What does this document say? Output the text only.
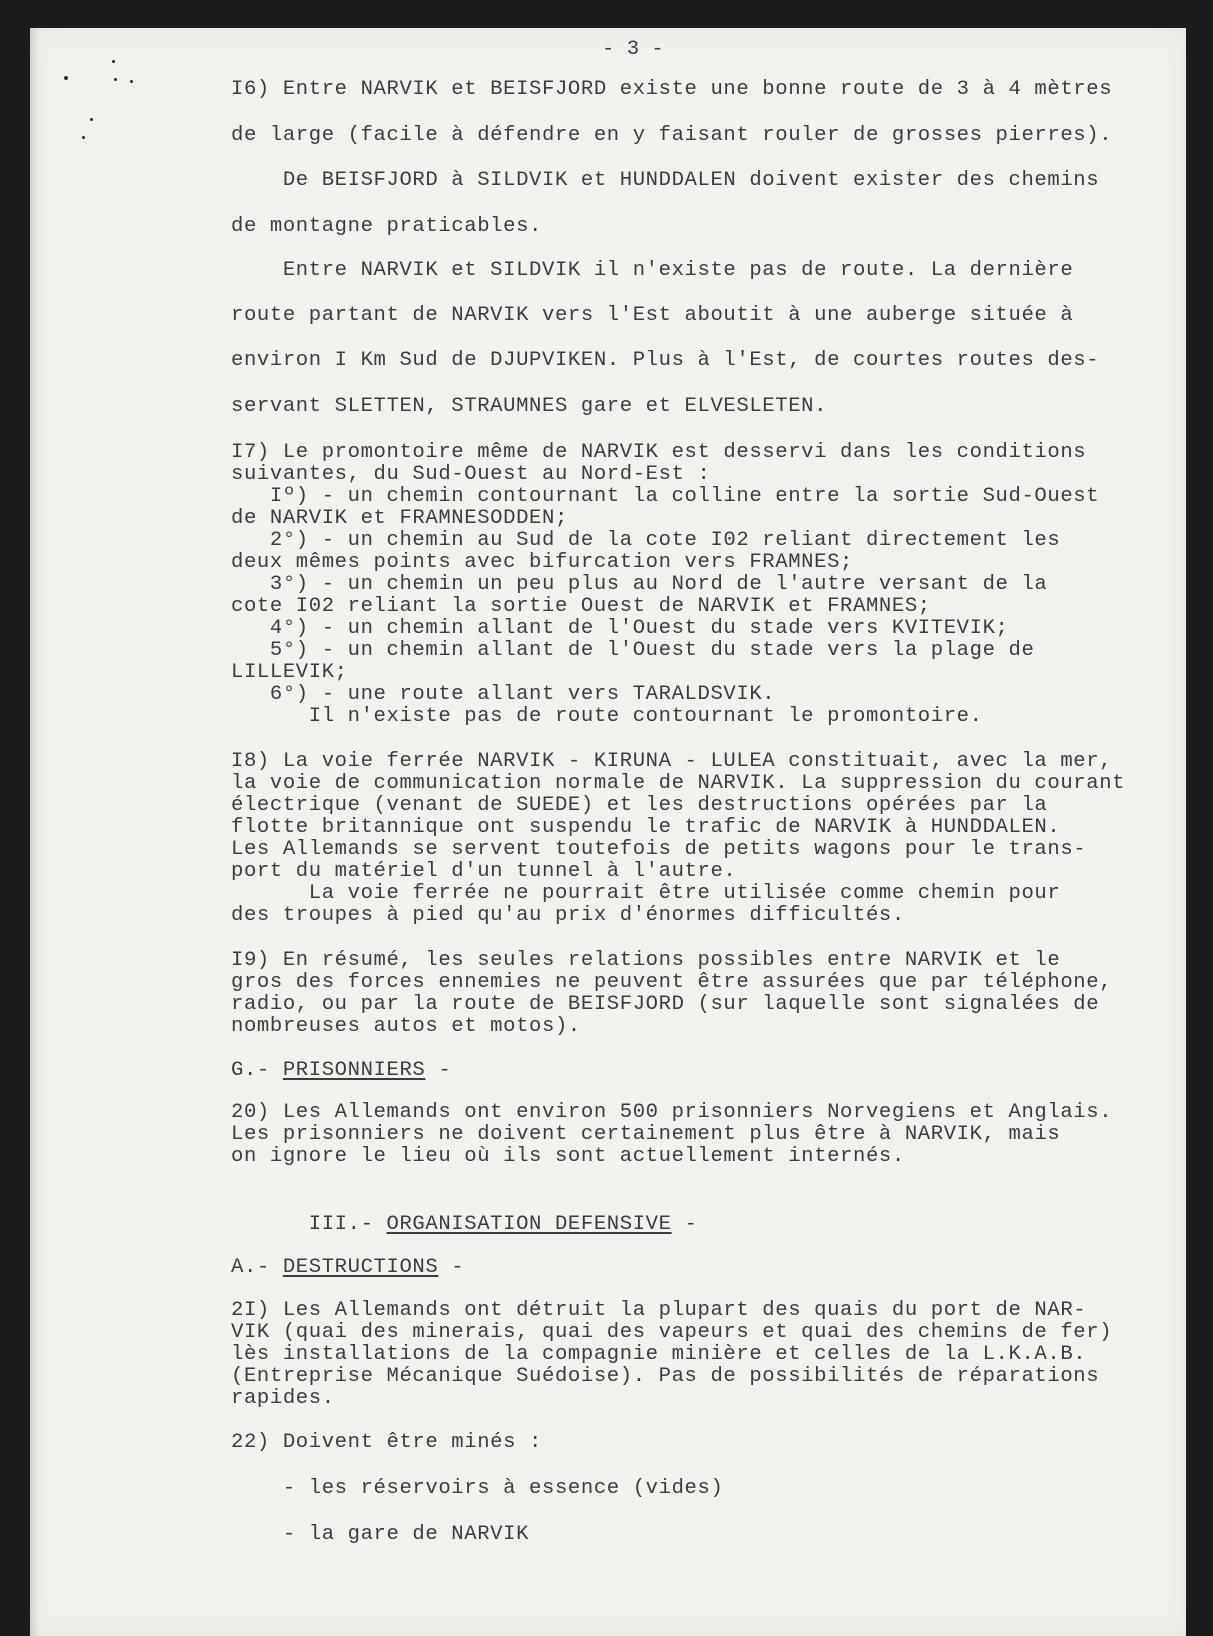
- 3 -
I6) Entre NARVIK et BEISFJORD existe une bonne route de 3 à 4 mètres
de large (facile à défendre en y faisant rouler de grosses pierres).
De BEISFJORD à SILDVIK et HUNDDALEN doivent exister des chemins
de montagne praticables.
Entre NARVIK et SILDVIK il n'existe pas de route. La dernière
route partant de NARVIK vers l'Est aboutit à une auberge située à
environ I Km Sud de DJUPVIKEN. Plus à l'Est, de courtes routes des-
servant SLETTEN, STRAUMNES gare et ELVESLETEN.
I7) Le promontoire même de NARVIK est desservi dans les conditions
suivantes, du Sud-Ouest au Nord-Est :
Iº) - un chemin contournant la colline entre la sortie Sud-Ouest
de NARVIK et FRAMNESODDEN;
2°) - un chemin au Sud de la cote I02 reliant directement les
deux mêmes points avec bifurcation vers FRAMNES;
3°) - un chemin un peu plus au Nord de l'autre versant de la
cote I02 reliant la sortie Ouest de NARVIK et FRAMNES;
4°) - un chemin allant de l'Ouest du stade vers KVITEVIK;
5°) - un chemin allant de l'Ouest du stade vers la plage de
LILLEVIK;
6°) - une route allant vers TARALDSVIK.
Il n'existe pas de route contournant le promontoire.
I8) La voie ferrée NARVIK - KIRUNA - LULEA constituait, avec la mer,
la voie de communication normale de NARVIK. La suppression du courant
électrique (venant de SUEDE) et les destructions opérées par la
flotte britannique ont suspendu le trafic de NARVIK à HUNDDALEN.
Les Allemands se servent toutefois de petits wagons pour le trans-
port du matériel d'un tunnel à l'autre.
La voie ferrée ne pourrait être utilisée comme chemin pour
des troupes à pied qu'au prix d'énormes difficultés.
I9) En résumé, les seules relations possibles entre NARVIK et le
gros des forces ennemies ne peuvent être assurées que par téléphone,
radio, ou par la route de BEISFJORD (sur laquelle sont signalées de
nombreuses autos et motos).
20) Les Allemands ont environ 500 prisonniers Norvegiens et Anglais.
Les prisonniers ne doivent certainement plus être à NARVIK, mais
on ignore le lieu où ils sont actuellement internés.
2I) Les Allemands ont détruit la plupart des quais du port de NAR-
VIK (quai des minerais, quai des vapeurs et quai des chemins de fer)
lès installations de la compagnie minière et celles de la L.K.A.B.
(Entreprise Mécanique Suédoise). Pas de possibilités de réparations
rapides.
22) Doivent être minés :
- les réservoirs à essence (vides)
- la gare de NARVIK
G.- PRISONNIERS -
III.- ORGANISATION DEFENSIVE -
A.- DESTRUCTIONS -
